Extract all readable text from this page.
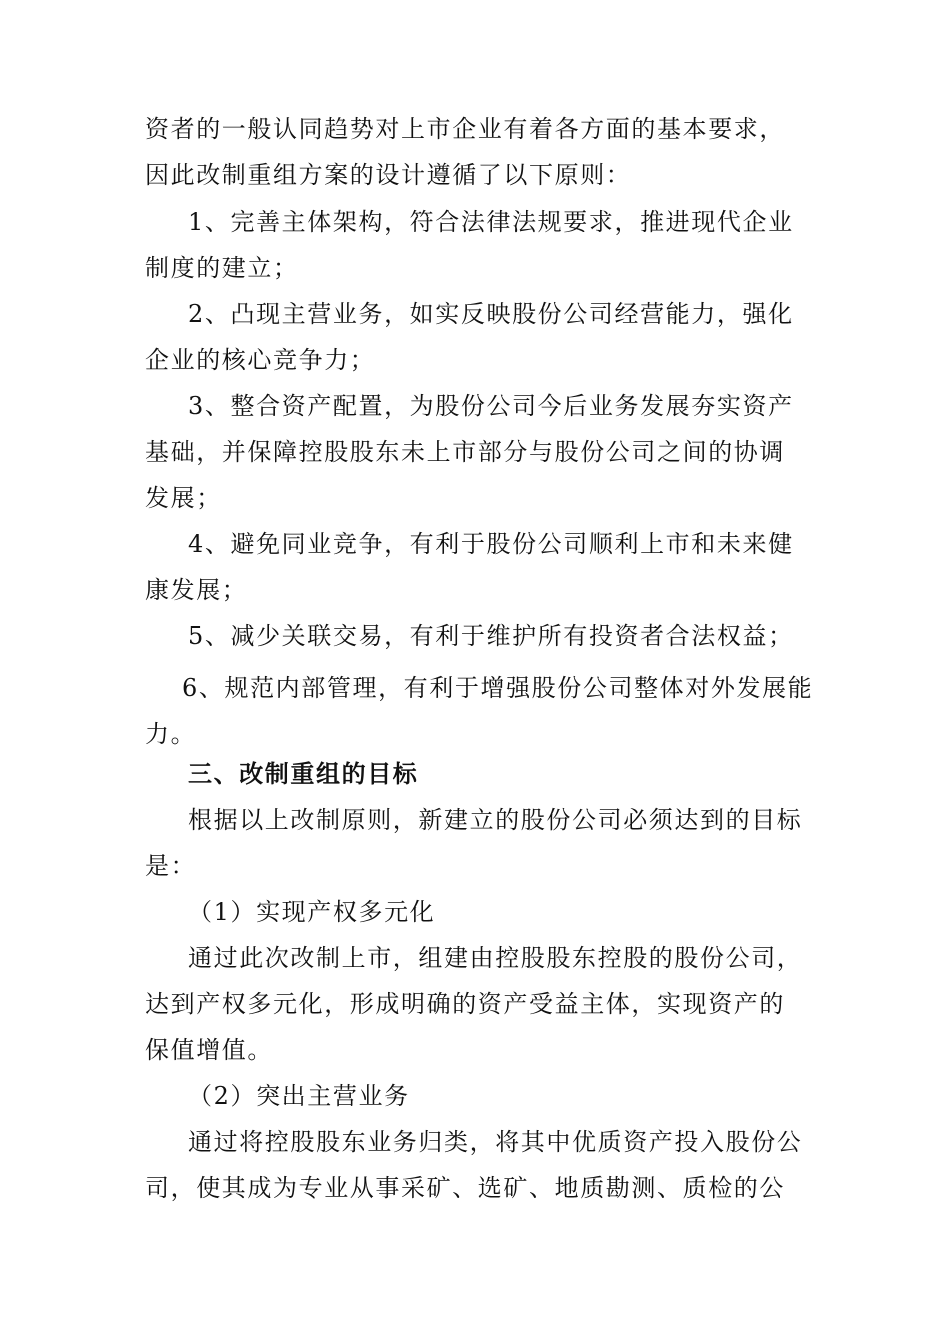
资者的一般认同趋势对上市企业有着各方面的基本要求，
因此改制重组方案的设计遵循了以下原则：
1、完善主体架构，符合法律法规要求，推进现代企业
制度的建立；
2、凸现主营业务，如实反映股份公司经营能力，强化
企业的核心竞争力；
3、整合资产配置，为股份公司今后业务发展夯实资产
基础，并保障控股股东未上市部分与股份公司之间的协调
发展；
4、避免同业竞争，有利于股份公司顺利上市和未来健
康发展；
5、减少关联交易，有利于维护所有投资者合法权益；
6、规范内部管理，有利于增强股份公司整体对外发展能
力。
三、改制重组的目标
根据以上改制原则，新建立的股份公司必须达到的目标
是：
（1）实现产权多元化
通过此次改制上市，组建由控股股东控股的股份公司，
达到产权多元化，形成明确的资产受益主体，实现资产的
保值增值。
（2）突出主营业务
通过将控股股东业务归类，将其中优质资产投入股份公
司，使其成为专业从事采矿、选矿、地质勘测、质检的公
